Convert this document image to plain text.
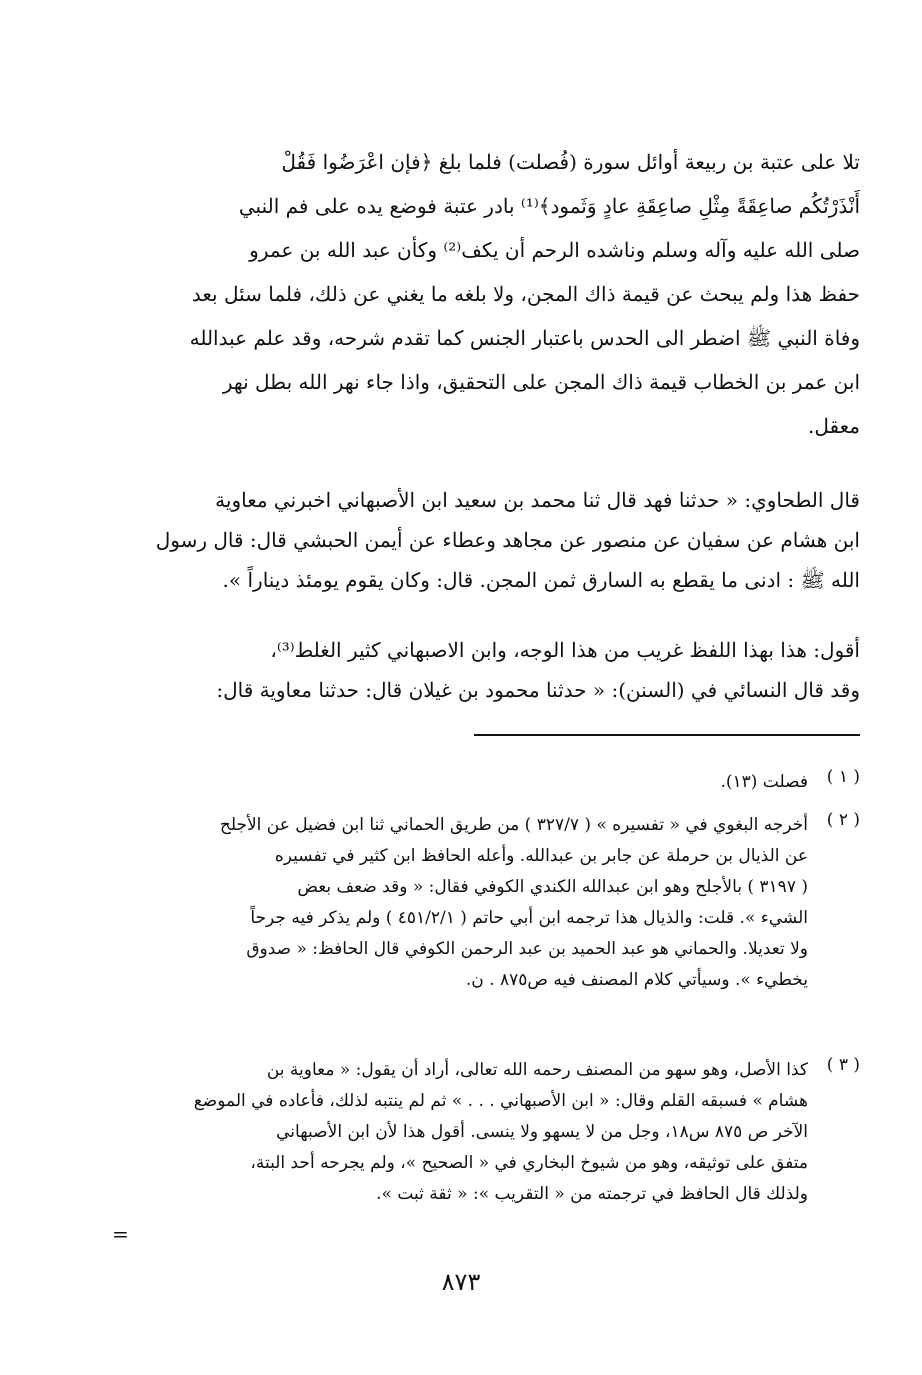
تلا على عتبة بن ربيعة أوائل سورة (فُصلت) فلما بلغ ﴿فإن اعْرَضُوا فَقُلْ
أَنْذَرْتُكُم صاعِقَةً مِثْلِ صاعِقَةِ عادٍ وَثَمود﴾⁽¹⁾ بادر عتبة فوضع يده على فم النبي
صلى الله عليه وآله وسلم وناشده الرحم أن يكف⁽²⁾ وكأن عبد الله بن عمرو
حفظ هذا ولم يبحث عن قيمة ذاك المجن، ولا بلغه ما يغني عن ذلك، فلما سئل بعد
وفاة النبي ﷺ اضطر الى الحدس باعتبار الجنس كما تقدم شرحه، وقد علم عبدالله
ابن عمر بن الخطاب قيمة ذاك المجن على التحقيق، واذا جاء نهر الله بطل نهر
معقل.
قال الطحاوي: « حدثنا فهد قال ثنا محمد بن سعيد ابن الأصبهاني اخبرني معاوية
ابن هشام عن سفيان عن منصور عن مجاهد وعطاء عن أيمن الحبشي قال: قال رسول
الله ﷺ : ادنى ما يقطع به السارق ثمن المجن. قال: وكان يقوم يومئذ ديناراً ».
أقول: هذا بهذا اللفظ غريب من هذا الوجه، وابن الاصبهاني كثير الغلط⁽³⁾،
وقد قال النسائي في (السنن): « حدثنا محمود بن غيلان قال: حدثنا معاوية قال:
( ١ )
فصلت (١٣).
( ٢ )
أخرجه البغوي في « تفسيره » ( ٣٢٧/٧ ) من طريق الحماني ثنا ابن فضيل عن الأجلح
عن الذيال بن حرملة عن جابر بن عبدالله. وأعله الحافظ ابن كثير في تفسيره
( ٣١٩٧ ) بالأجلح وهو ابن عبدالله الكندي الكوفي فقال: « وقد ضعف بعض
الشيء ». قلت: والذيال هذا ترجمه ابن أبي حاتم ( ٤٥١/٢/١ ) ولم يذكر فيه جرحاً
ولا تعديلا. والحماني هو عبد الحميد بن عبد الرحمن الكوفي قال الحافظ: « صدوق
يخطيء ». وسيأتي كلام المصنف فيه ص٨٧٥ . ن.
( ٣ )
كذا الأصل، وهو سهو من المصنف رحمه الله تعالى، أراد أن يقول: « معاوية بن
هشام » فسبقه القلم وقال: « ابن الأصبهاني . . . » ثم لم ينتبه لذلك، فأعاده في الموضع
الآخر ص ٨٧٥ س١٨، وجل من لا يسهو ولا ينسى. أقول هذا لأن ابن الأصبهاني
متفق على توثيقه، وهو من شيوخ البخاري في « الصحيح »، ولم يجرحه أحد البتة،
ولذلك قال الحافظ في ترجمته من « التقريب »: « ثقة ثبت ».
=
٨٧٣
